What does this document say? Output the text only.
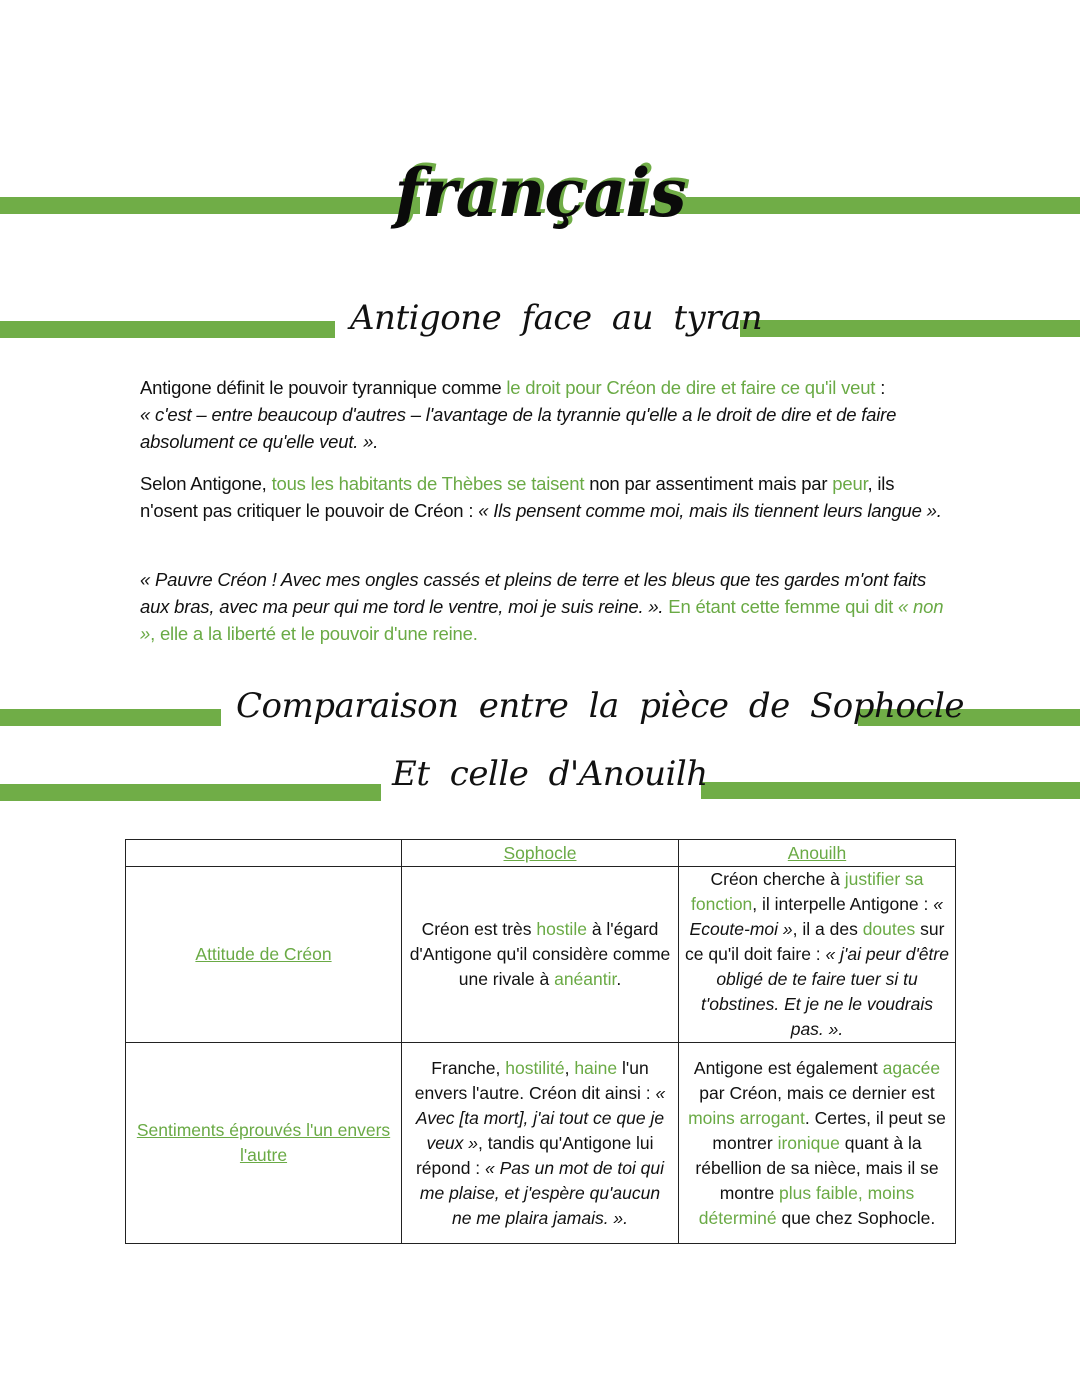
français
Antigone face au tyran
Antigone définit le pouvoir tyrannique comme le droit pour Créon de dire et faire ce qu'il veut :
« c'est – entre beaucoup d'autres – l'avantage de la tyrannie qu'elle a le droit de dire et de faire absolument ce qu'elle veut. ».
Selon Antigone, tous les habitants de Thèbes se taisent non par assentiment mais par peur, ils n'osent pas critiquer le pouvoir de Créon : « Ils pensent comme moi, mais ils tiennent leurs langue ».
« Pauvre Créon ! Avec mes ongles cassés et pleins de terre et les bleus que tes gardes m'ont faits aux bras, avec ma peur qui me tord le ventre, moi je suis reine. ». En étant cette femme qui dit « non », elle a la liberté et le pouvoir d'une reine.
Comparaison entre la pièce de Sophocle
Et celle d'Anouilh
	Sophocle	Anouilh
Attitude de Créon	Créon est très hostile à l'égard d'Antigone qu'il considère comme une rivale à anéantir.	Créon cherche à justifier sa fonction, il interpelle Antigone : « Ecoute-moi », il a des doutes sur ce qu'il doit faire : « j'ai peur d'être obligé de te faire tuer si tu t'obstines. Et je ne le voudrais pas. ».
Sentiments éprouvés l'un envers l'autre	Franche, hostilité, haine l'un envers l'autre. Créon dit ainsi : « Avec [ta mort], j'ai tout ce que je veux », tandis qu'Antigone lui répond : « Pas un mot de toi qui me plaise, et j'espère qu'aucun ne me plaira jamais. ».	Antigone est également agacée par Créon, mais ce dernier est moins arrogant. Certes, il peut se montrer ironique quant à la rébellion de sa nièce, mais il se montre plus faible, moins déterminé que chez Sophocle.
